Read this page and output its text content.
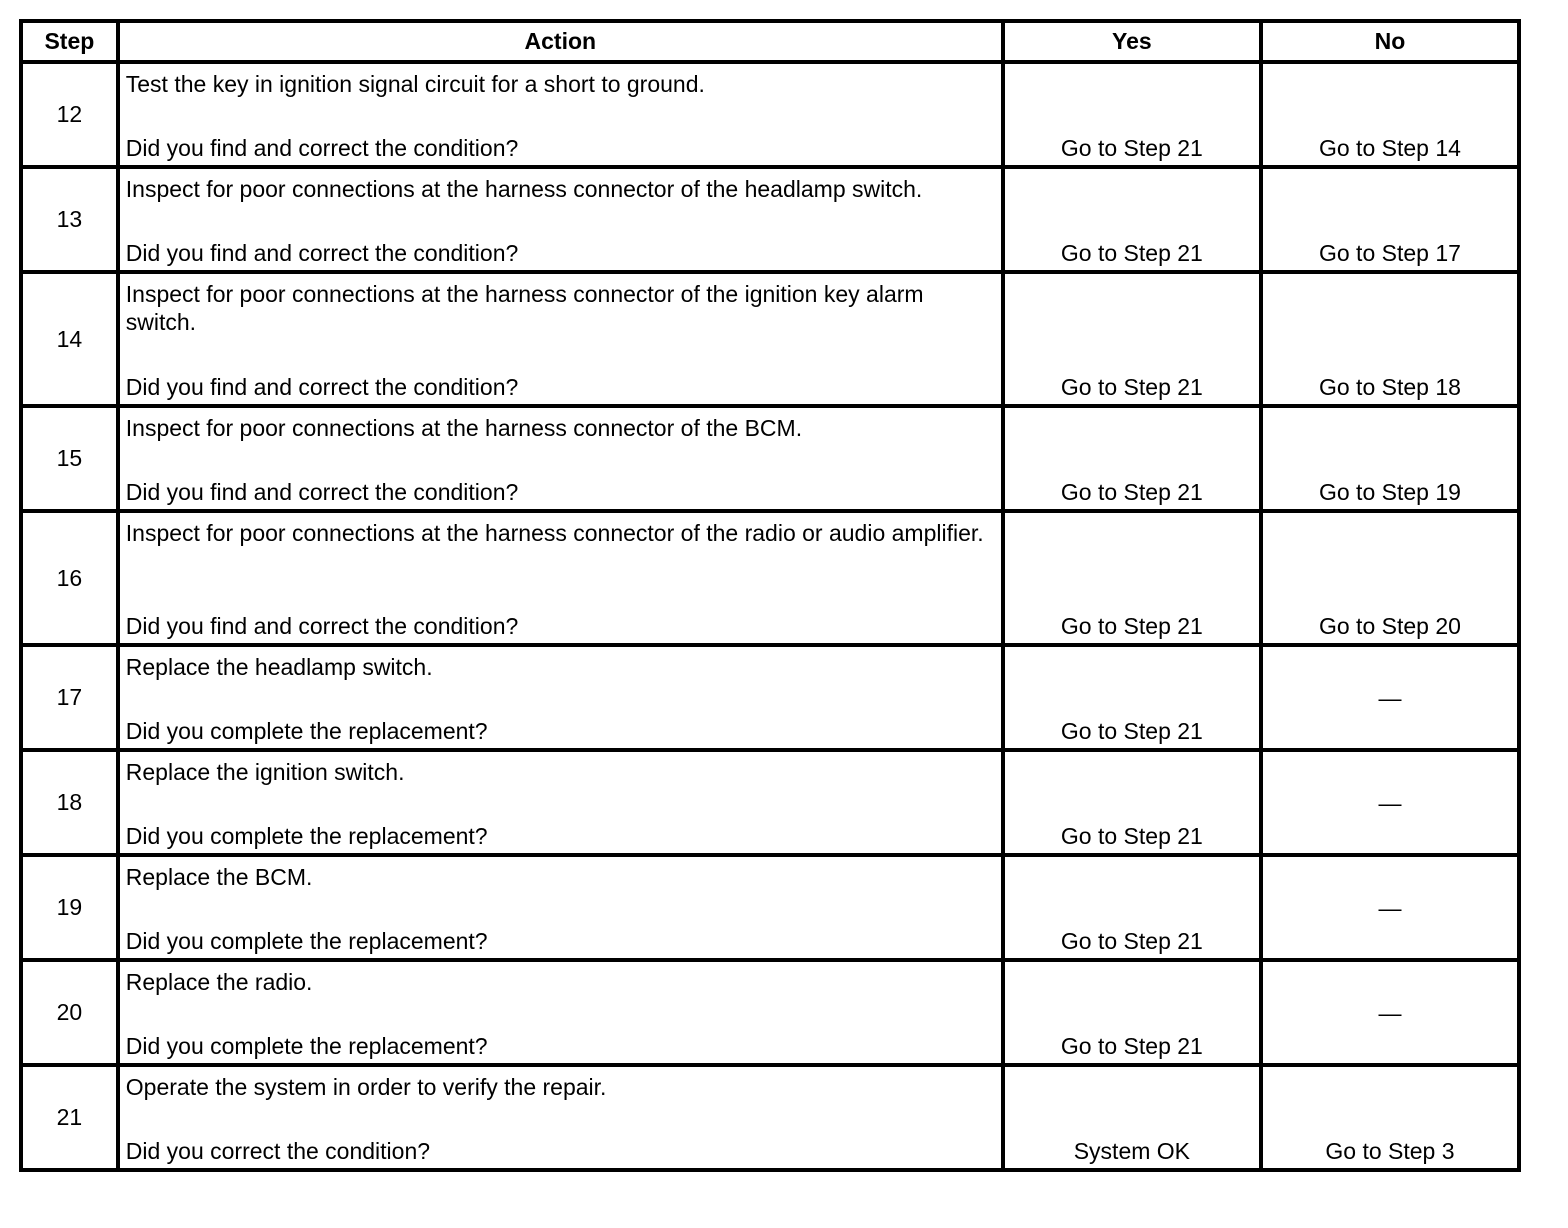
Step	Action	Yes	No
12	Test the key in ignition signal circuit for a short to ground.
Did you find and correct the condition?	Go to Step 21	Go to Step 14
13	Inspect for poor connections at the harness connector of the headlamp switch.
Did you find and correct the condition?	Go to Step 21	Go to Step 17
14	Inspect for poor connections at the harness connector of the ignition key alarm switch.
Did you find and correct the condition?	Go to Step 21	Go to Step 18
15	Inspect for poor connections at the harness connector of the BCM.
Did you find and correct the condition?	Go to Step 21	Go to Step 19
16	Inspect for poor connections at the harness connector of the radio or audio amplifier.
Did you find and correct the condition?	Go to Step 21	Go to Step 20
17	Replace the headlamp switch.
Did you complete the replacement?	Go to Step 21	—
18	Replace the ignition switch.
Did you complete the replacement?	Go to Step 21	—
19	Replace the BCM.
Did you complete the replacement?	Go to Step 21	—
20	Replace the radio.
Did you complete the replacement?	Go to Step 21	—
21	Operate the system in order to verify the repair.
Did you correct the condition?	System OK	Go to Step 3
